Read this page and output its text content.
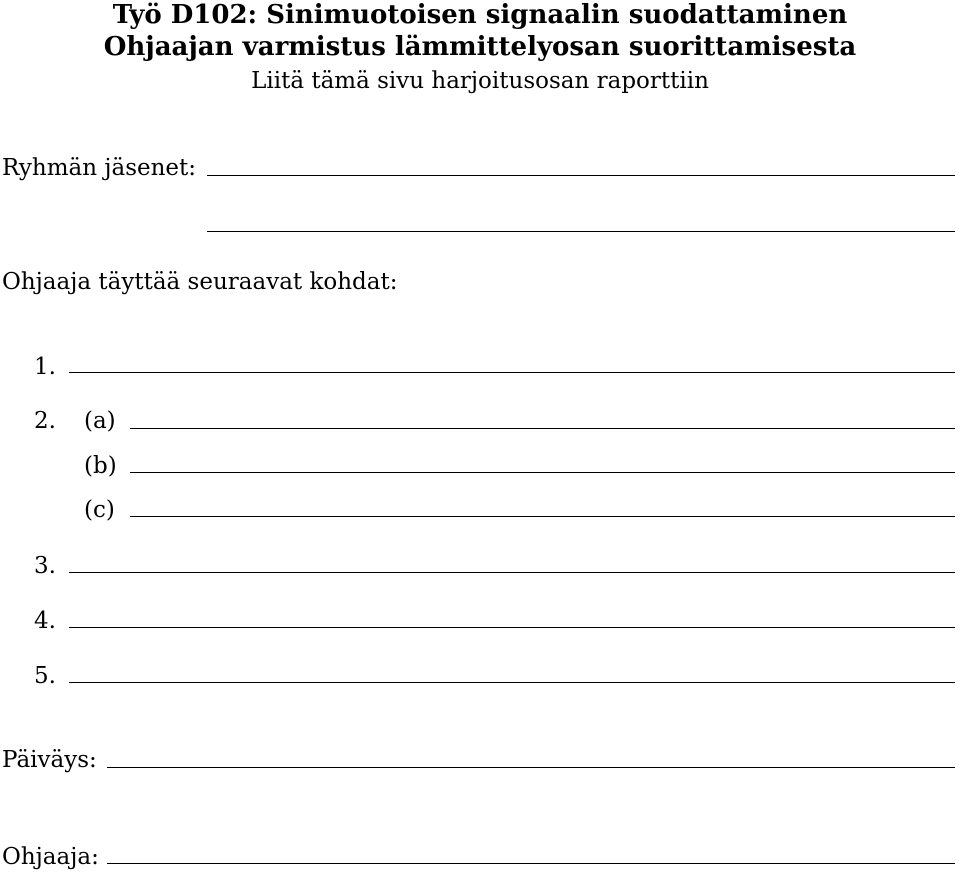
Työ D102: Sinimuotoisen signaalin suodattaminen
Ohjaajan varmistus lämmittelyosan suorittamisesta
Liitä tämä sivu harjoitusosan raporttiin
Ryhmän jäsenet:
Ohjaaja täyttää seuraavat kohdat:
1.
2. (a)
(b)
(c)
3.
4.
5.
Päiväys:
Ohjaaja:
